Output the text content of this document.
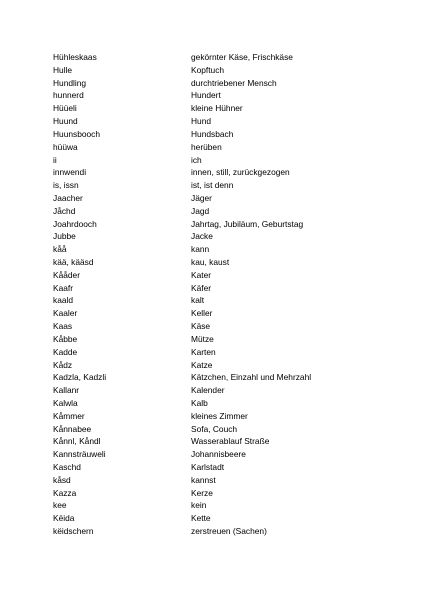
Hühleskaas	gekörnter Käse, Frischkäse
Hulle	Kopftuch
Hundling	durchtriebener Mensch
hunnerd	Hundert
Hüüeli	kleine Hühner
Huund	Hund
Huunsbooch	Hundsbach
hüüwa	herüben
ii	ich
innwendi	innen, still, zurückgezogen
is, issn	ist, ist denn
Jaacher	Jäger
Jåchd	Jagd
Joahrdooch	Jahrtag, Jubiläum, Geburtstag
Jubbe	Jacke
kåå	kann
kää, kääsd	kau, kaust
Kååder	Kater
Kaafr	Käfer
kaald	kalt
Kaaler	Keller
Kaas	Käse
Kåbbe	Mütze
Kadde	Karten
Kådz	Katze
Kadzla, Kadzli	Kätzchen, Einzahl und Mehrzahl
Kallanr	Kalender
Kalwla	Kalb
Kåmmer	kleines Zimmer
Kånnabee	Sofa, Couch
Kånnl, Kåndl	Wasserablauf Straße
Kannsträuweli	Johannisbeere
Kaschd	Karlstadt
kåsd	kannst
Kazza	Kerze
kee	kein
Këida	Kette
këidschern	zerstreuen (Sachen)
